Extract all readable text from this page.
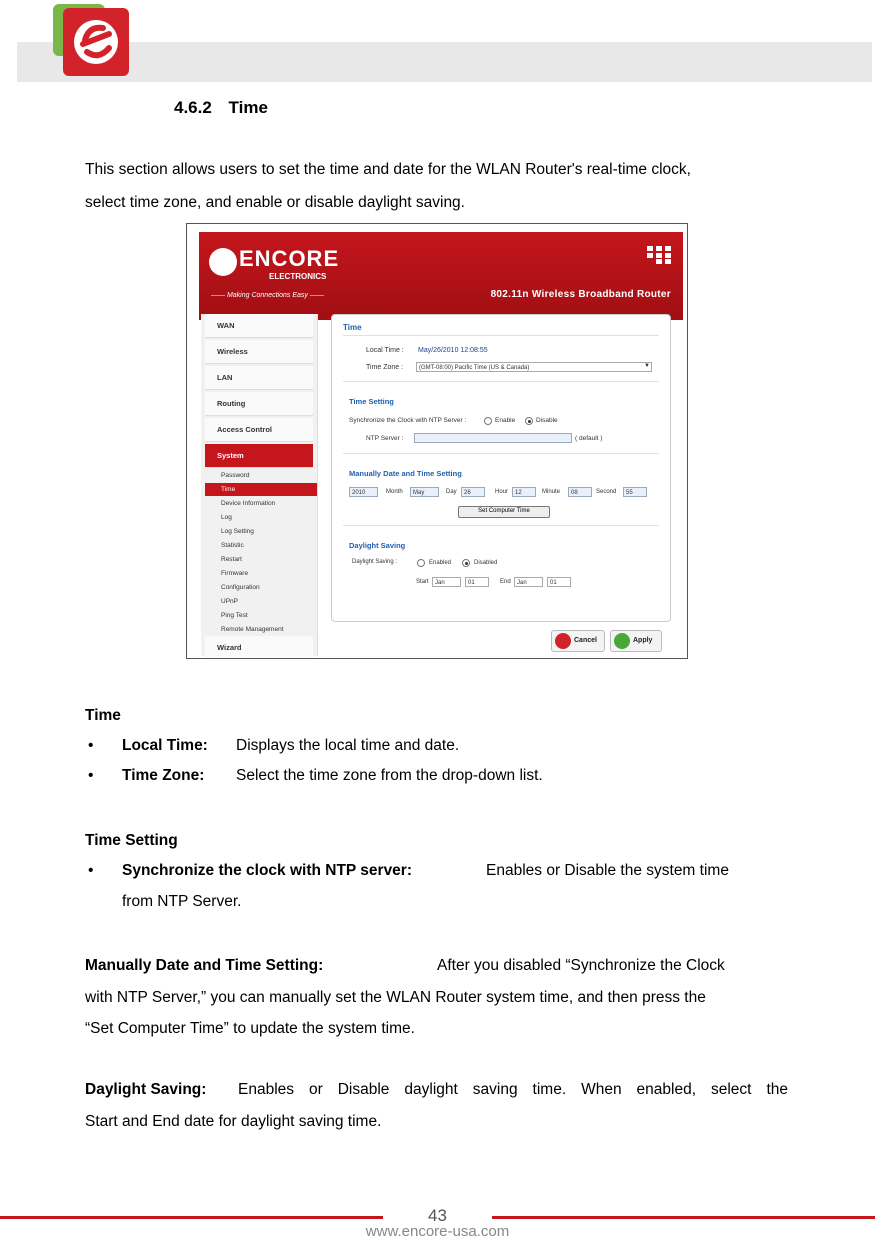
4.6.2 Time
This section allows users to set the time and date for the WLAN Router's real-time clock,
select time zone, and enable or disable daylight saving.
ENCORE
ELECTRONICS
—— Making Connections Easy ——	802.11n Wireless Broadband Router
WAN
Wireless
LAN
Routing
Access Control
System
Password
Time
Device Information
Log
Log Setting
Statistic
Restart
Firmware
Configuration
UPnP
Ping Test
Remote Management
Wizard
Time
Local Time : May/26/2010 12:08:55
Time Zone :	(GMT-08:00) Pacific Time (US & Canada)	▼
Time Setting
Synchronize the Clock with NTP Server :	Enable	Disable
NTP Server :	( default )
Manually Date and Time Setting
2010	Month	May	Day	26	Hour	12	Minute	08	Second	55
Set Computer Time
Daylight Saving
Daylight Saving :	Enabled	Disabled
Start	Jan	01	End	Jan	01
Cancel	Apply
Time
• Local Time: Displays the local time and date.
• Time Zone: Select the time zone from the drop-down list.
Time Setting
• Synchronize the clock with NTP server:	Enables or Disable the system time
from NTP Server.
Manually Date and Time Setting:	After you disabled “Synchronize the Clock
with NTP Server,” you can manually set the WLAN Router system time, and then press the
“Set Computer Time” to update the system time.
Daylight Saving:	Enables or Disable daylight saving time. When enabled, select the
Start and End date for daylight saving time.
43
www.encore-usa.com
